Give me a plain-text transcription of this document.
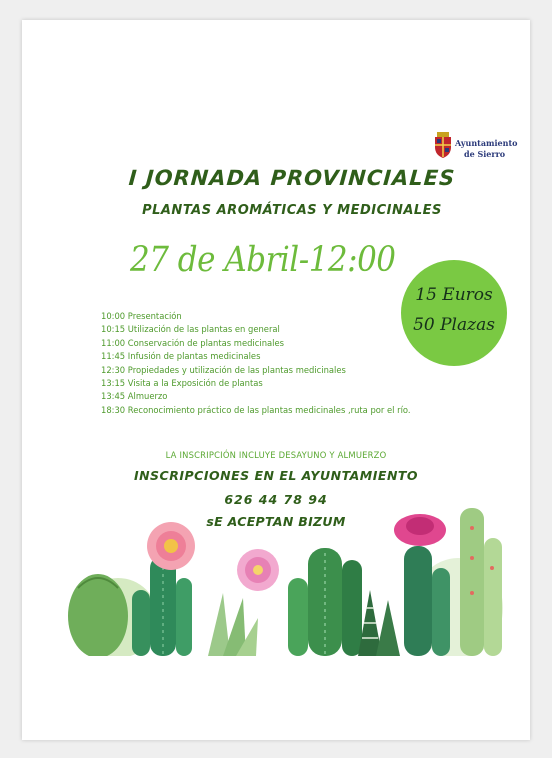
Ayuntamiento
de Sierro
I JORNADA PROVINCIALES
PLANTAS AROMÁTICAS Y MEDICINALES
27 de Abril-12:00
15 Euros
50 Plazas
10:00 Presentación
10:15 Utilización de las plantas en general
11:00 Conservación de plantas medicinales
11:45 Infusión de plantas medicinales
12:30 Propiedades y utilización de las plantas medicinales
13:15 Visita a la Exposición de plantas
13:45 Almuerzo
18:30 Reconocimiento práctico de las plantas medicinales ,ruta por el río.
LA INSCRIPCIÓN INCLUYE DESAYUNO Y ALMUERZO
INSCRIPCIONES EN EL AYUNTAMIENTO
626 44 78 94
sE ACEPTAN BIZUM
